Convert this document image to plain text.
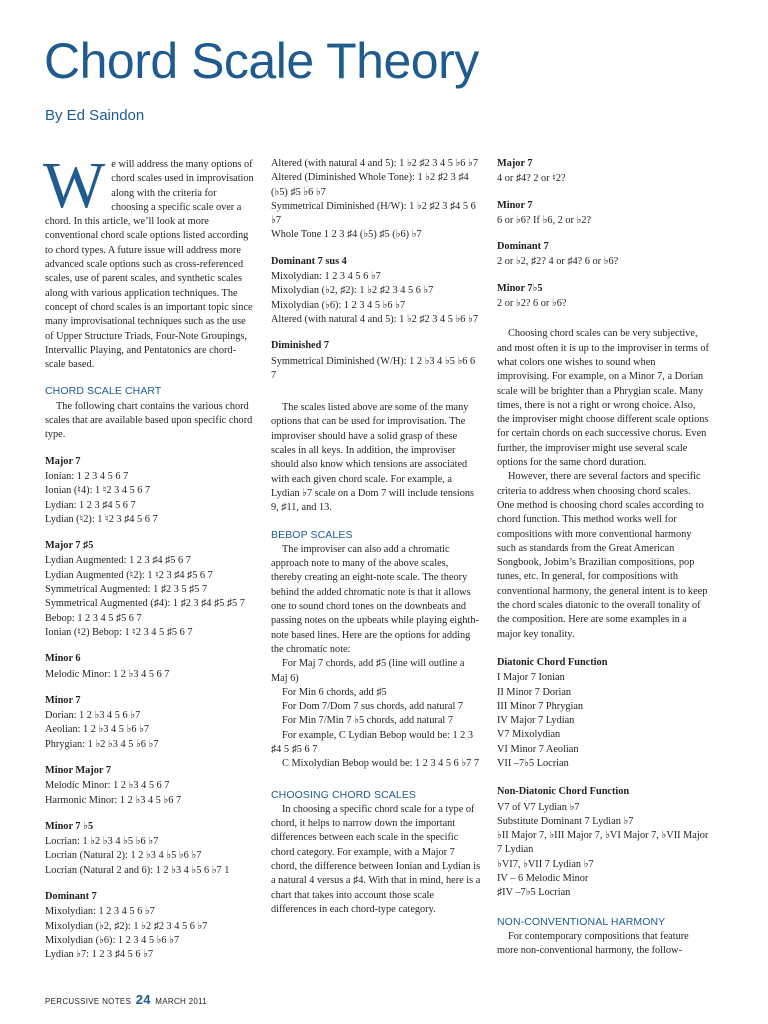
Chord Scale Theory

By Ed Saindon

We will address the many options of chord scales used in improvisation along with the criteria for choosing a specific scale over a chord. In this article, we’ll look at more conventional chord scale options listed according to chord types. A future issue will address more advanced scale options such as cross-referenced scales, use of parent scales, and synthetic scales along with various application techniques. The concept of chord scales is an important topic since many improvisational techniques such as the use of Upper Structure Triads, Four-Note Groupings, Intervallic Playing, and Pentatonics are chord-scale based.

CHORD SCALE CHART

The following chart contains the various chord scales that are available based upon specific chord type.

Major 7

Ionian: 1 2 3 4 5 6 7

Ionian (♮4): 1 ♮2 3 4 5 6 7

Lydian: 1 2 3 ♯4 5 6 7

Lydian (♮2): 1 ♮2 3 ♯4 5 6 7

Major 7 ♯5

Lydian Augmented: 1 2 3 ♯4 ♯5 6 7

Lydian Augmented (♮2): 1 ♮2 3 ♯4 ♯5 6 7

Symmetrical Augmented: 1 ♯2 3 5 ♯5 7

Symmetrical Augmented (♯4): 1 ♯2 3 ♯4 ♯5 ♯5 7

Bebop: 1 2 3 4 5 ♯5 6 7

Ionian (♮2) Bebop: 1 ♮2 3 4 5 ♯5 6 7

Minor 6

Melodic Minor: 1 2 ♭3 4 5 6 7

Minor 7

Dorian: 1 2 ♭3 4 5 6 ♭7

Aeolian: 1 2 ♭3 4 5 ♭6 ♭7

Phrygian: 1 ♭2 ♭3 4 5 ♭6 ♭7

Minor Major 7

Melodic Minor: 1 2 ♭3 4 5 6 7

Harmonic Minor: 1 2 ♭3 4 5 ♭6 7

Minor 7 ♭5

Locrian: 1 ♭2 ♭3 4 ♭5 ♭6 ♭7

Locrian (Natural 2): 1 2 ♭3 4 ♭5 ♭6 ♭7

Locrian (Natural 2 and 6): 1 2 ♭3 4 ♭5 6 ♭7 1

Dominant 7

Mixolydian: 1 2 3 4 5 6 ♭7

Mixolydian (♭2, ♯2): 1 ♭2 ♯2 3 4 5 6 ♭7

Mixolydian (♭6): 1 2 3 4 5 ♭6 ♭7

Lydian ♭7: 1 2 3 ♯4 5 6 ♭7

Altered (with natural 4 and 5): 1 ♭2 ♯2 3 4 5 ♭6 ♭7

Altered (Diminished Whole Tone): 1 ♭2 ♯2 3 ♯4 (♭5) ♯5 ♭6 ♭7

Symmetrical Diminished (H/W): 1 ♭2 ♯2 3 ♯4 5 6 ♭7

Whole Tone 1 2 3 ♯4 (♭5) ♯5 (♭6) ♭7

Dominant 7 sus 4

Mixolydian: 1 2 3 4 5 6 ♭7

Mixolydian (♭2, ♯2): 1 ♭2 ♯2 3 4 5 6 ♭7

Mixolydian (♭6): 1 2 3 4 5 ♭6 ♭7

Altered (with natural 4 and 5): 1 ♭2 ♯2 3 4 5 ♭6 ♭7

Diminished 7

Symmetrical Diminished (W/H): 1 2 ♭3 4 ♭5 ♭6 6 7

The scales listed above are some of the many options that can be used for improvisation. The improviser should have a solid grasp of these scales in all keys. In addition, the improviser should also know which tensions are associated with each given chord scale. For example, a Lydian ♭7 scale on a Dom 7 will include tensions 9, ♯11, and 13.

BEBOP SCALES

The improviser can also add a chromatic approach note to many of the above scales, thereby creating an eight-note scale. The theory behind the added chromatic note is that it allows one to sound chord tones on the downbeats and passing notes on the upbeats while playing eighth-note based lines. Here are the options for adding the chromatic note:

For Maj 7 chords, add ♯5 (line will outline a Maj 6)

For Min 6 chords, add ♯5

For Dom 7/Dom 7 sus chords, add natural 7

For Min 7/Min 7 ♭5 chords, add natural 7

For example, C Lydian Bebop would be: 1 2 3 ♯4 5 ♯5 6 7

C Mixolydian Bebop would be: 1 2 3 4 5 6 ♭7 7

CHOOSING CHORD SCALES

In choosing a specific chord scale for a type of chord, it helps to narrow down the important differences between each scale in the specific chord category. For example, with a Major 7 chord, the difference between Ionian and Lydian is a natural 4 versus a ♯4. With that in mind, here is a chart that takes into account those scale differences in each chord-type category.

Major 7

4 or ♯4? 2 or ♮2?

Minor 7

6 or ♭6? If ♭6, 2 or ♭2?

Dominant 7

2 or ♭2, ♯2? 4 or ♯4? 6 or ♭6?

Minor 7♭5

2 or ♭2? 6 or ♭6?

Choosing chord scales can be very subjective, and most often it is up to the improviser in terms of what colors one wishes to sound when improvising. For example, on a Minor 7, a Dorian scale will be brighter than a Phrygian scale. Many times, there is not a right or wrong choice. Also, the improviser might choose different scale options for certain chords on each successive chorus. Even further, the improviser might use several scale options for the same chord duration.

However, there are several factors and specific criteria to address when choosing chord scales. One method is choosing chord scales according to chord function. This method works well for compositions with more conventional harmony such as standards from the Great American Songbook, Jobim’s Brazilian compositions, pop tunes, etc. In general, for compositions with conventional harmony, the general intent is to keep the chord scales diatonic to the overall tonality of the composition. Here are some examples in a major key tonality.

Diatonic Chord Function

I Major 7 Ionian

II Minor 7 Dorian

III Minor 7 Phrygian

IV Major 7 Lydian

V7 Mixolydian

VI Minor 7 Aeolian

VII –7♭5 Locrian

Non-Diatonic Chord Function

V7 of V7 Lydian ♭7

Substitute Dominant 7 Lydian ♭7

♭II Major 7, ♭III Major 7, ♭VI Major 7, ♭VII Major 7 Lydian

♭VI7, ♭VII 7 Lydian ♭7

IV – 6 Melodic Minor

♯IV –7♭5 Locrian

NON-CONVENTIONAL HARMONY

For contemporary compositions that feature more non-conventional harmony, the follow-

PERCUSSIVE NOTES 24 MARCH 2011
